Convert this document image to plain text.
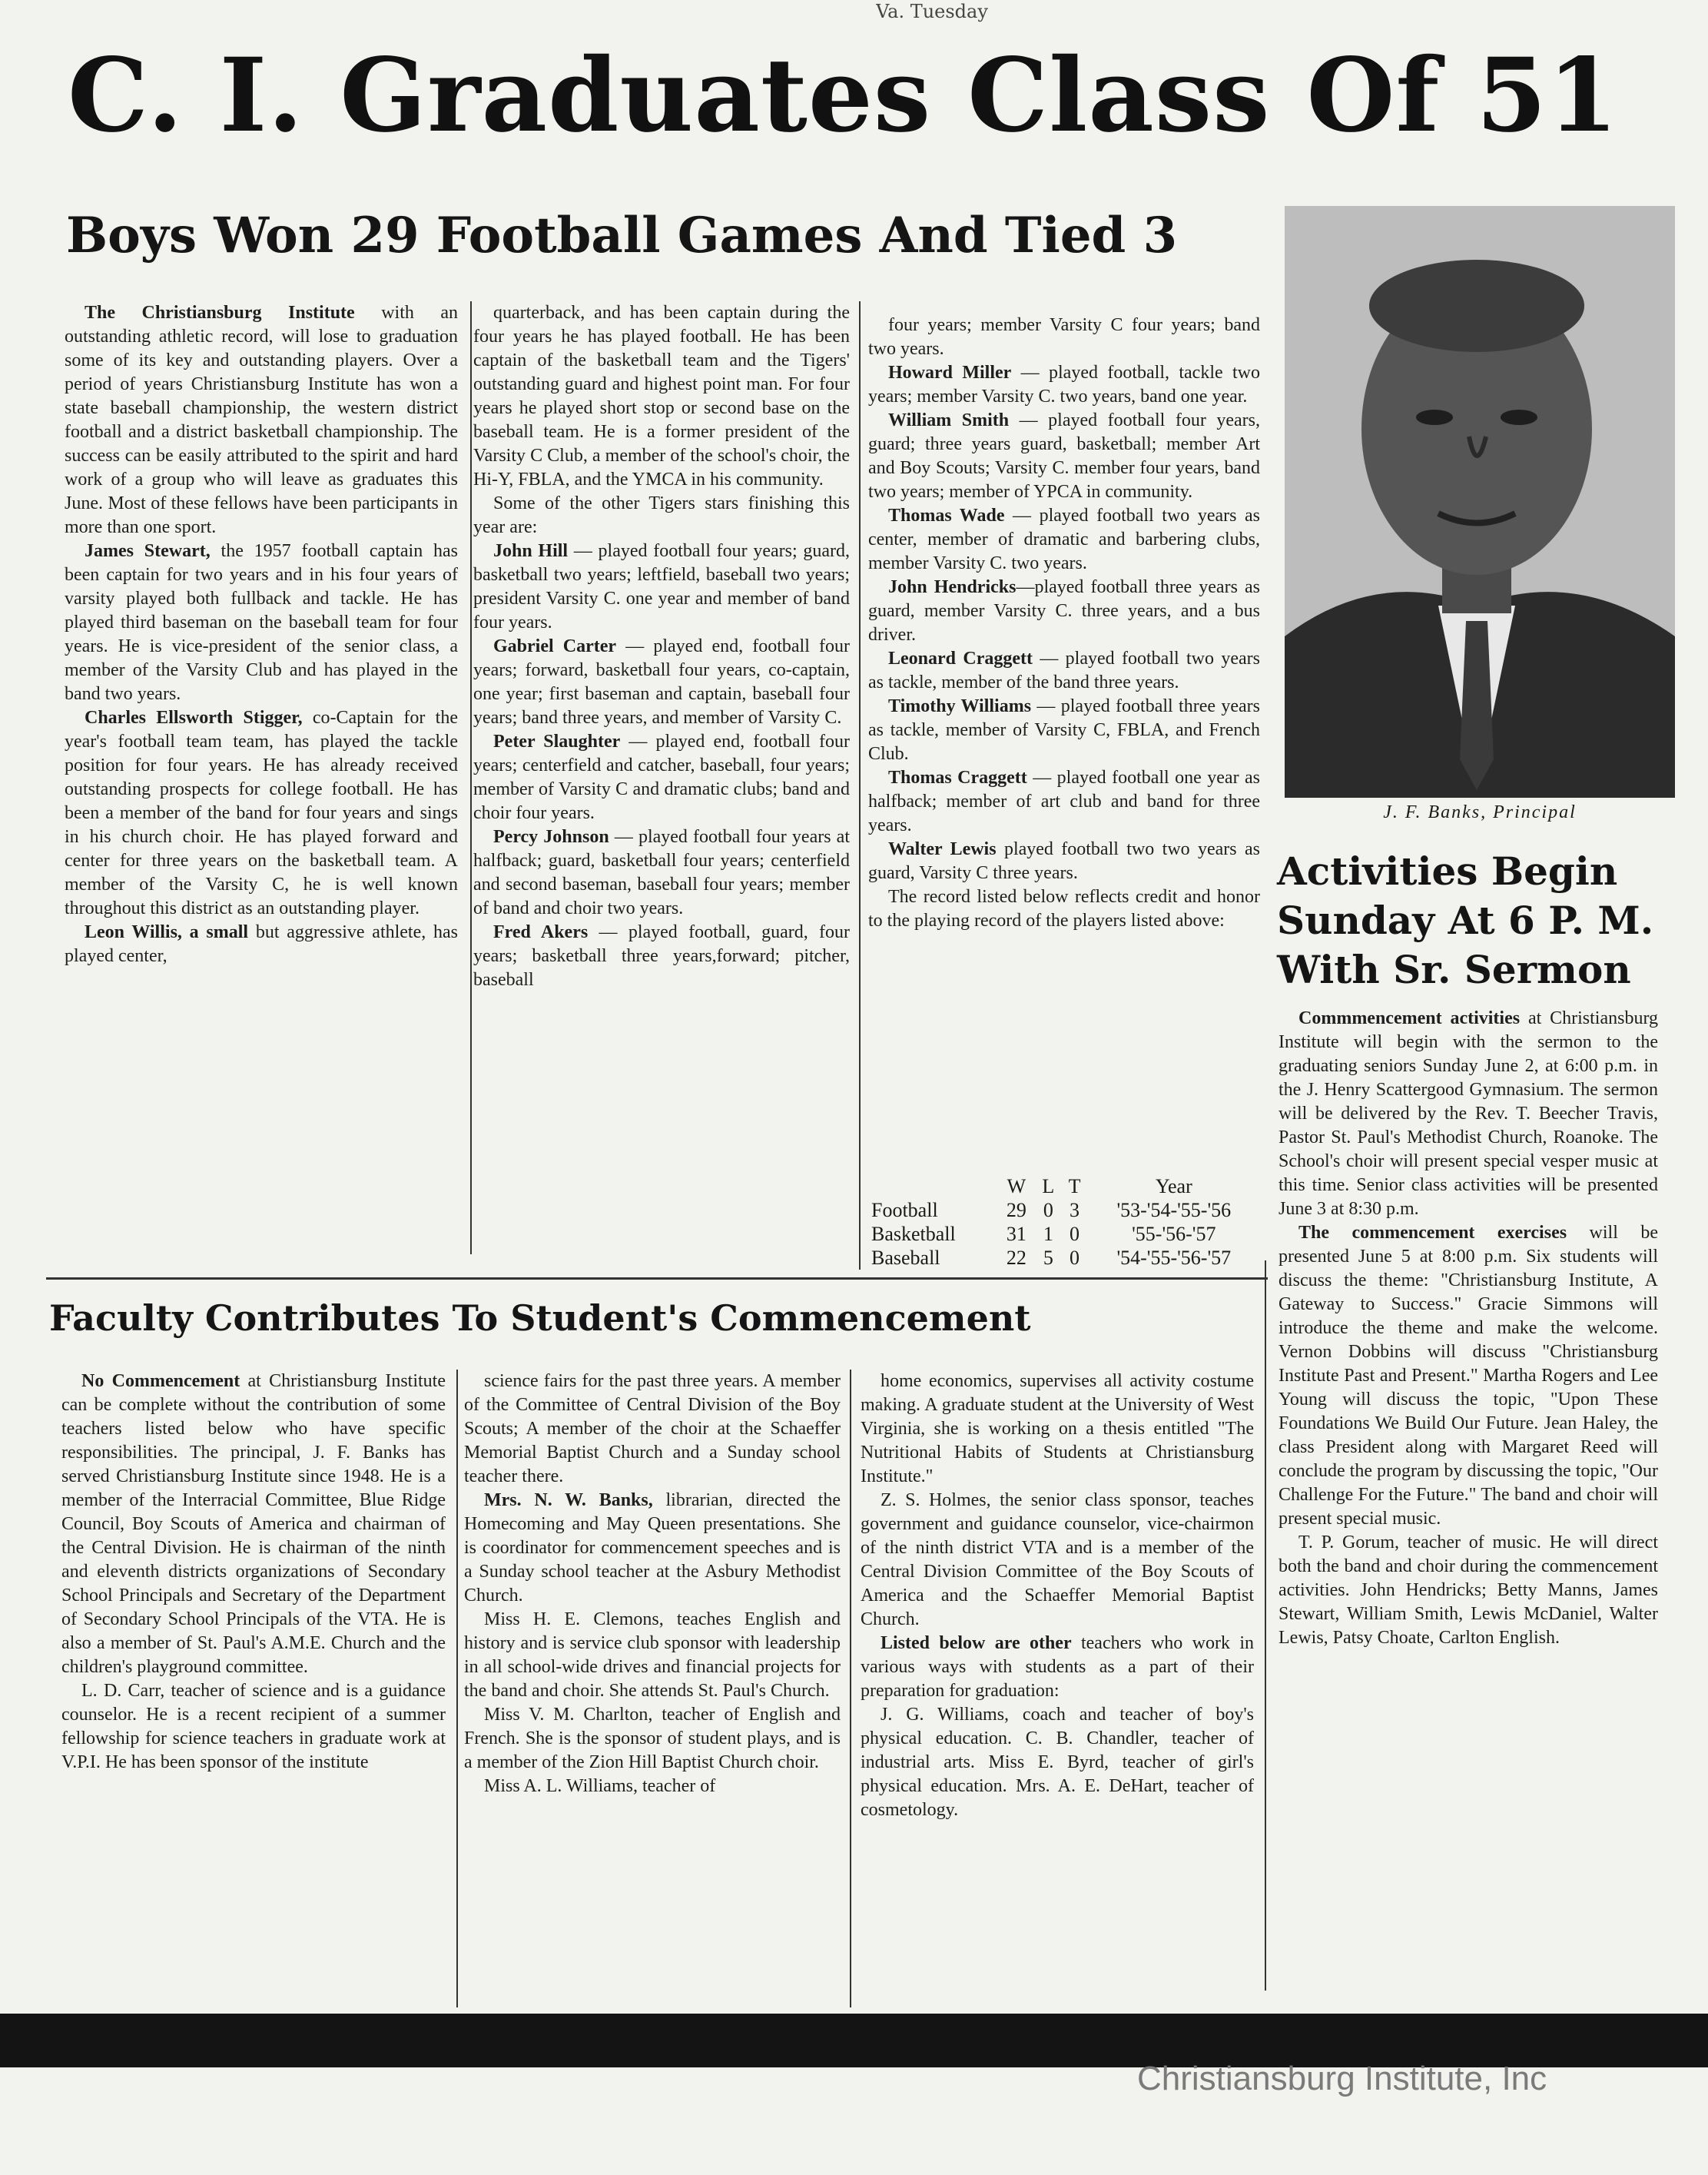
Va. Tuesday
C. I. Graduates Class Of 51
Boys Won 29 Football Games And Tied 3

The Christiansburg Institute with an outstanding athletic record, will lose to graduation some of its key and outstanding players. Over a period of years Christiansburg Institute has won a state baseball championship, the western district football and a district basketball championship. The success can be easily attributed to the spirit and hard work of a group who will leave as graduates this June. Most of these fellows have been participants in more than one sport.

James Stewart, the 1957 football captain has been captain for two years and in his four years of varsity played both fullback and tackle. He has played third baseman on the baseball team for four years. He is vice-president of the senior class, a member of the Varsity Club and has played in the band two years.

Charles Ellsworth Stigger, co-Captain for the year's football team team, has played the tackle position for four years. He has already received outstanding prospects for college football. He has been a member of the band for four years and sings in his church choir. He has played forward and center for three years on the basketball team. A member of the Varsity C, he is well known throughout this district as an outstanding player.

Leon Willis, a small but aggressive athlete, has played center,

quarterback, and has been captain during the four years he has played football. He has been captain of the basketball team and the Tigers' outstanding guard and highest point man. For four years he played short stop or second base on the baseball team. He is a former president of the Varsity C Club, a member of the school's choir, the Hi-Y, FBLA, and the YMCA in his community.

Some of the other Tigers stars finishing this year are:

John Hill — played football four years; guard, basketball two years; leftfield, baseball two years; president Varsity C. one year and member of band four years.

Gabriel Carter — played end, football four years; forward, basketball four years, co-captain, one year; first baseman and captain, baseball four years; band three years, and member of Varsity C.

Peter Slaughter — played end, football four years; centerfield and catcher, baseball, four years; member of Varsity C and dramatic clubs; band and choir four years.

Percy Johnson — played football four years at halfback; guard, basketball four years; centerfield and second baseman, baseball four years; member of band and choir two years.

Fred Akers — played football, guard, four years; basketball three years,forward; pitcher, baseball

four years; member Varsity C four years; band two years.

Howard Miller — played football, tackle two years; member Varsity C. two years, band one year.

William Smith — played football four years, guard; three years guard, basketball; member Art and Boy Scouts; Varsity C. member four years, band two years; member of YPCA in community.

Thomas Wade — played football two years as center, member of dramatic and barbering clubs, member Varsity C. two years.

John Hendricks—played football three years as guard, member Varsity C. three years, and a bus driver.

Leonard Craggett — played football two years as tackle, member of the band three years.

Timothy Williams — played football three years as tackle, member of Varsity C, FBLA, and French Club.

Thomas Craggett — played football one year as halfback; member of art club and band for three years.

Walter Lewis played football two two years as guard, Varsity C three years.

The record listed below reflects credit and honor to the playing record of the players listed above:

	W	L	T	Year
Football	29	0	3	'53-'54-'55-'56
Basketball	31	1	0	'55-'56-'57
Baseball	22	5	0	'54-'55-'56-'57
J. F. Banks, Principal
Activities Begin
Sunday At 6 P. M.
With Sr. Sermon

Commmencement activities at Christiansburg Institute will begin with the sermon to the graduating seniors Sunday June 2, at 6:00 p.m. in the J. Henry Scattergood Gymnasium. The sermon will be delivered by the Rev. T. Beecher Travis, Pastor St. Paul's Methodist Church, Roanoke. The School's choir will present special vesper music at this time. Senior class activities will be presented June 3 at 8:30 p.m.

The commencement exercises will be presented June 5 at 8:00 p.m. Six students will discuss the theme: "Christiansburg Institute, A Gateway to Success." Gracie Simmons will introduce the theme and make the welcome. Vernon Dobbins will discuss "Christiansburg Institute Past and Present." Martha Rogers and Lee Young will discuss the topic, "Upon These Foundations We Build Our Future. Jean Haley, the class President along with Margaret Reed will conclude the program by discussing the topic, "Our Challenge For the Future." The band and choir will present special music.

T. P. Gorum, teacher of music. He will direct both the band and choir during the commencement activities. John Hendricks; Betty Manns, James Stewart, William Smith, Lewis McDaniel, Walter Lewis, Patsy Choate, Carlton English.

Faculty Contributes To Student's Commencement

No Commencement at Christiansburg Institute can be complete without the contribution of some teachers listed below who have specific responsibilities. The principal, J. F. Banks has served Christiansburg Institute since 1948. He is a member of the Interracial Committee, Blue Ridge Council, Boy Scouts of America and chairman of the Central Division. He is chairman of the ninth and eleventh districts organizations of Secondary School Principals and Secretary of the Department of Secondary School Principals of the VTA. He is also a member of St. Paul's A.M.E. Church and the children's playground committee.

L. D. Carr, teacher of science and is a guidance counselor. He is a recent recipient of a summer fellowship for science teachers in graduate work at V.P.I. He has been sponsor of the institute

science fairs for the past three years. A member of the Committee of Central Division of the Boy Scouts; A member of the choir at the Schaeffer Memorial Baptist Church and a Sunday school teacher there.

Mrs. N. W. Banks, librarian, directed the Homecoming and May Queen presentations. She is coordinator for commencement speeches and is a Sunday school teacher at the Asbury Methodist Church.

Miss H. E. Clemons, teaches English and history and is service club sponsor with leadership in all school-wide drives and financial projects for the band and choir. She attends St. Paul's Church.

Miss V. M. Charlton, teacher of English and French. She is the sponsor of student plays, and is a member of the Zion Hill Baptist Church choir.

Miss A. L. Williams, teacher of

home economics, supervises all activity costume making. A graduate student at the University of West Virginia, she is working on a thesis entitled "The Nutritional Habits of Students at Christiansburg Institute."

Z. S. Holmes, the senior class sponsor, teaches government and guidance counselor, vice-chairmon of the ninth district VTA and is a member of the Central Division Committee of the Boy Scouts of America and the Schaeffer Memorial Baptist Church.

Listed below are other teachers who work in various ways with students as a part of their preparation for graduation:

J. G. Williams, coach and teacher of boy's physical education. C. B. Chandler, teacher of industrial arts. Miss E. Byrd, teacher of girl's physical education. Mrs. A. E. DeHart, teacher of cosmetology.

Christiansburg Institute, Inc
